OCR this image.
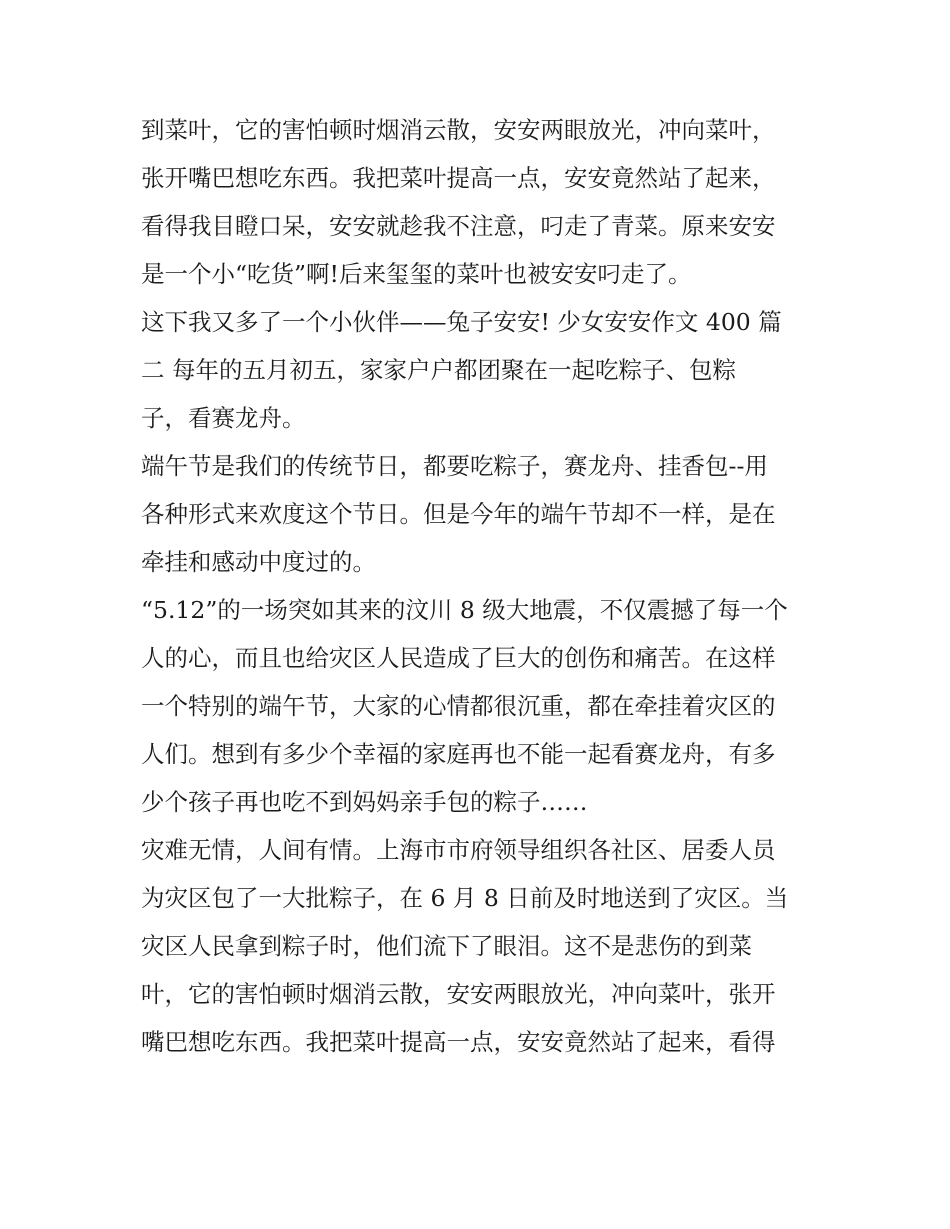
到菜叶，它的害怕顿时烟消云散，安安两眼放光，冲向菜叶，
张开嘴巴想吃东西。我把菜叶提高一点，安安竟然站了起来，
看得我目瞪口呆，安安就趁我不注意，叼走了青菜。原来安安
是一个小“吃货”啊!后来玺玺的菜叶也被安安叼走了。
这下我又多了一个小伙伴——兔子安安! 少女安安作文 400 篇
二 每年的五月初五，家家户户都团聚在一起吃粽子、包粽
子，看赛龙舟。
端午节是我们的传统节日，都要吃粽子，赛龙舟、挂香包--用
各种形式来欢度这个节日。但是今年的端午节却不一样，是在
牵挂和感动中度过的。
“5.12”的一场突如其来的汶川 8 级大地震，不仅震撼了每一个
人的心，而且也给灾区人民造成了巨大的创伤和痛苦。在这样
一个特别的端午节，大家的心情都很沉重，都在牵挂着灾区的
人们。想到有多少个幸福的家庭再也不能一起看赛龙舟，有多
少个孩子再也吃不到妈妈亲手包的粽子……
灾难无情，人间有情。上海市市府领导组织各社区、居委人员
为灾区包了一大批粽子，在 6 月 8 日前及时地送到了灾区。当
灾区人民拿到粽子时，他们流下了眼泪。这不是悲伤的到菜
叶，它的害怕顿时烟消云散，安安两眼放光，冲向菜叶，张开
嘴巴想吃东西。我把菜叶提高一点，安安竟然站了起来，看得
